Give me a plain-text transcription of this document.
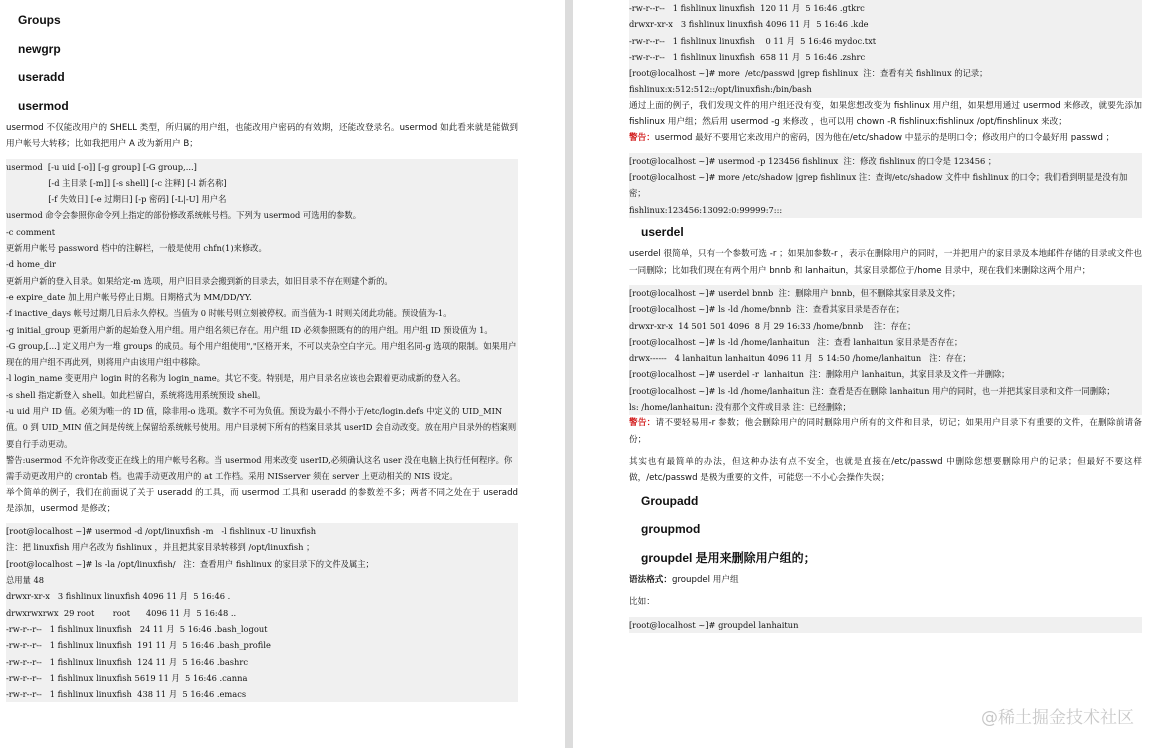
Groups
newgrp
useradd
usermod
usermod 不仅能改用户的 SHELL 类型，所归属的用户组，也能改用户密码的有效期，还能改登录名。usermod 如此看来就是能做到用户帐号大转移；比如我把用户 A 改为新用户 B；
usermod  [-u uid [-o]] [-g group] [-G group,...]
[-d 主目录 [-m]] [-s shell] [-c 注释] [-l 新名称]
[-f 失效日] [-e 过期日] [-p 密码] [-L|-U] 用户名
usermod 命令会参照你命令列上指定的部份修改系统帐号档。下列为 usermod 可选用的参数。
-c comment
更新用户帐号 password 档中的注解栏，一般是使用 chfn(1)来修改。
-d home_dir
更新用户新的登入目录。如果给定-m 选项，用户旧目录会搬到新的目录去，如旧目录不存在则建个新的。
-e expire_date 加上用户帐号停止日期。日期格式为 MM/DD/YY.
-f inactive_days 帐号过期几日后永久停权。当值为 0 时帐号则立刻被停权。而当值为-1 时则关闭此功能。预设值为-1。
-g initial_group 更新用户新的起始登入用户组。用户组名须已存在。用户组 ID 必须参照既有的的用户组。用户组 ID 预设值为 1。
-G group,[...] 定义用户为一堆 groups 的成员。每个用户组使用","区格开来，不可以夹杂空白字元。用户组名同-g 选项的限制。如果用户现在的用户组不再此列，则将用户由该用户组中移除。
-l login_name 变更用户 login 时的名称为 login_name。其它不变。特别是，用户目录名应该也会跟着更动成新的登入名。
-s shell 指定新登入 shell。如此栏留白，系统将选用系统预设 shell。
-u uid 用户 ID 值。必须为唯一的 ID 值，除非用-o 选项。数字不可为负值。预设为最小不得小于/etc/login.defs 中定义的 UID_MIN 值。0 到 UID_MIN 值之间是传统上保留给系统帐号使用。用户目录树下所有的档案目录其 userID 会自动改变。放在用户目录外的档案则要自行手动更动。
警告:usermod 不允许你改变正在线上的用户帐号名称。当 usermod 用来改变 userID,必须确认这名 user 没在电脑上执行任何程序。你需手动更改用户的 crontab 档。也需手动更改用户的 at 工作档。采用 NISserver 须在 server 上更动相关的 NIS 设定。
举个简单的例子，我们在前面说了关于 useradd 的工具，而 usermod 工具和 useradd 的参数差不多；两者不同之处在于 useradd 是添加，usermod 是修改；
[root@localhost ~]# usermod -d /opt/linuxfish -m   -l fishlinux -U linuxfish
注：把 linuxfish 用户名改为 fishlinux ，并且把其家目录转移到 /opt/linuxfish ；
[root@localhost ~]# ls -la /opt/linuxfish/   注：查看用户 fishlinux 的家目录下的文件及属主；
总用量 48
drwxr-xr-x   3 fishlinux linuxfish 4096 11 月  5 16:46 .
drwxrwxrwx  29 root       root      4096 11 月  5 16:48 ..
-rw-r--r--   1 fishlinux linuxfish   24 11 月  5 16:46 .bash_logout
-rw-r--r--   1 fishlinux linuxfish  191 11 月  5 16:46 .bash_profile
-rw-r--r--   1 fishlinux linuxfish  124 11 月  5 16:46 .bashrc
-rw-r--r--   1 fishlinux linuxfish 5619 11 月  5 16:46 .canna
-rw-r--r--   1 fishlinux linuxfish  438 11 月  5 16:46 .emacs
-rw-r--r--   1 fishlinux linuxfish  120 11 月  5 16:46 .gtkrc
drwxr-xr-x   3 fishlinux linuxfish 4096 11 月  5 16:46 .kde
-rw-r--r--   1 fishlinux linuxfish    0 11 月  5 16:46 mydoc.txt
-rw-r--r--   1 fishlinux linuxfish  658 11 月  5 16:46 .zshrc
[root@localhost ~]# more  /etc/passwd |grep fishlinux  注：查看有关 fishlinux 的记录；
fishlinux:x:512:512::/opt/linuxfish:/bin/bash
通过上面的例子，我们发现文件的用户组还没有变，如果您想改变为 fishlinux 用户组，如果想用通过 usermod 来修改，就要先添加 fishlinux 用户组；然后用 usermod -g 来修改 ，也可以用 chown -R fishlinux:fishlinux /opt/finshlinux 来改；
警告：usermod 最好不要用它来改用户的密码，因为他在/etc/shadow 中显示的是明口令；修改用户的口令最好用 passwd ；
[root@localhost ~]# usermod -p 123456 fishlinux  注：修改 fishlinux 的口令是 123456 ；
[root@localhost ~]# more /etc/shadow |grep fishlinux 注：查询/etc/shadow 文件中 fishlinux 的口令；我们看到明显是没有加密；
fishlinux:123456:13092:0:99999:7:::
userdel
userdel 很简单，只有一个参数可选 -r ；如果加参数-r ，表示在删除用户的同时，一并把用户的家目录及本地邮件存储的目录或文件也一同删除；比如我们现在有两个用户 bnnb 和 lanhaitun，其家目录都位于/home 目录中，现在我们来删除这两个用户；
[root@localhost ~]# userdel bnnb  注：删除用户 bnnb，但不删除其家目录及文件；
[root@localhost ~]# ls -ld /home/bnnb  注：查看其家目录是否存在；
drwxr-xr-x  14 501 501 4096  8 月 29 16:33 /home/bnnb    注：存在；
[root@localhost ~]# ls -ld /home/lanhaitun   注：查看 lanhaitun 家目录是否存在；
drwx------   4 lanhaitun lanhaitun 4096 11 月  5 14:50 /home/lanhaitun   注：存在；
[root@localhost ~]# userdel -r  lanhaitun  注：删除用户 lanhaitun，其家目录及文件一并删除；
[root@localhost ~]# ls -ld /home/lanhaitun 注：查看是否在删除 lanhaitun 用户的同时，也一并把其家目录和文件一同删除；
ls: /home/lanhaitun: 没有那个文件或目录 注：已经删除；
警告：请不要轻易用-r 参数；他会删除用户的同时删除用户所有的文件和目录，切记；如果用户目录下有重要的文件，在删除前请备份；
其实也有最简单的办法，但这种办法有点不安全，也就是直接在/etc/passwd 中删除您想要删除用户的记录；但最好不要这样做，/etc/passwd 是极为重要的文件，可能您一不小心会操作失误；
Groupadd
groupmod
groupdel 是用来删除用户组的；
语法格式：groupdel 用户组
比如：
[root@localhost ~]# groupdel lanhaitun
@稀土掘金技术社区
